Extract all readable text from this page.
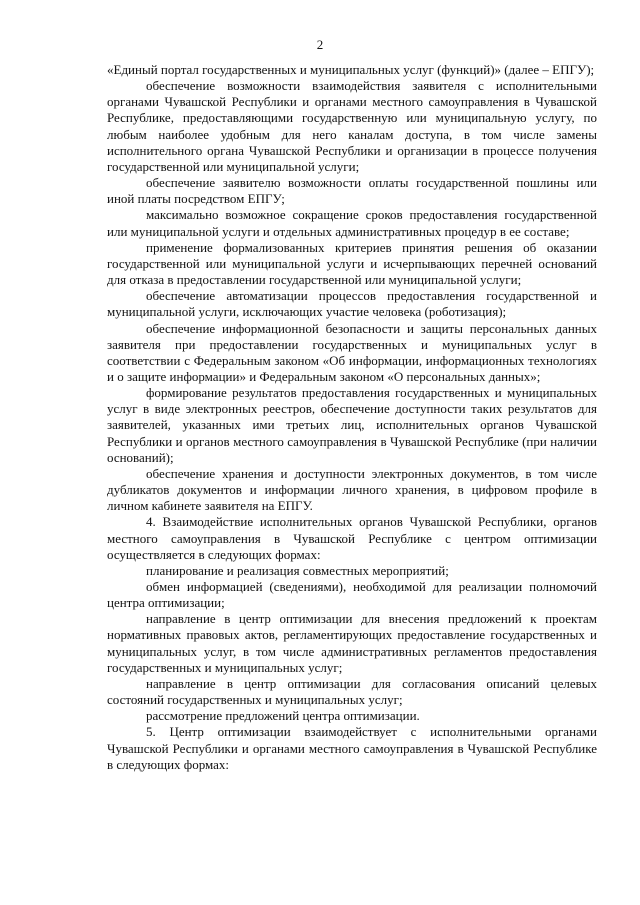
2

«Единый портал государственных и муниципальных услуг (функций)» (далее – ЕПГУ);

обеспечение возможности взаимодействия заявителя с исполнительными органами Чувашской Республики и органами местного самоуправления в Чувашской Республике, предоставляющими государственную или муниципальную услугу, по любым наиболее удобным для него каналам доступа, в том числе замены исполнительного органа Чувашской Республики и организации в процессе получения государственной или муниципальной услуги;

обеспечение заявителю возможности оплаты государственной пошлины или иной платы посредством ЕПГУ;

максимально возможное сокращение сроков предоставления государственной или муниципальной услуги и отдельных административных процедур в ее составе;

применение формализованных критериев принятия решения об оказании государственной или муниципальной услуги и исчерпывающих перечней оснований для отказа в предоставлении государственной или муниципальной услуги;

обеспечение автоматизации процессов предоставления государственной и муниципальной услуги, исключающих участие человека (роботизация);

обеспечение информационной безопасности и защиты персональных данных заявителя при предоставлении государственных и муниципальных услуг в соответствии с Федеральным законом «Об информации, информационных технологиях и о защите информации» и Федеральным законом «О персональных данных»;

формирование результатов предоставления государственных и муниципальных услуг в виде электронных реестров, обеспечение доступности таких результатов для заявителей, указанных ими третьих лиц, исполнительных органов Чувашской Республики и органов местного самоуправления в Чувашской Республике (при наличии оснований);

обеспечение хранения и доступности электронных документов, в том числе дубликатов документов и информации личного хранения, в цифровом профиле в личном кабинете заявителя на ЕПГУ.

4. Взаимодействие исполнительных органов Чувашской Республики, органов местного самоуправления в Чувашской Республике с центром оптимизации осуществляется в следующих формах:

планирование и реализация совместных мероприятий;

обмен информацией (сведениями), необходимой для реализации полномочий центра оптимизации;

направление в центр оптимизации для внесения предложений к проектам нормативных правовых актов, регламентирующих предоставление государственных и муниципальных услуг, в том числе административных регламентов предоставления государственных и муниципальных услуг;

направление в центр оптимизации для согласования описаний целевых состояний государственных и муниципальных услуг;

рассмотрение предложений центра оптимизации.

5. Центр оптимизации взаимодействует с исполнительными органами Чувашской Республики и органами местного самоуправления в Чувашской Республике в следующих формах:
